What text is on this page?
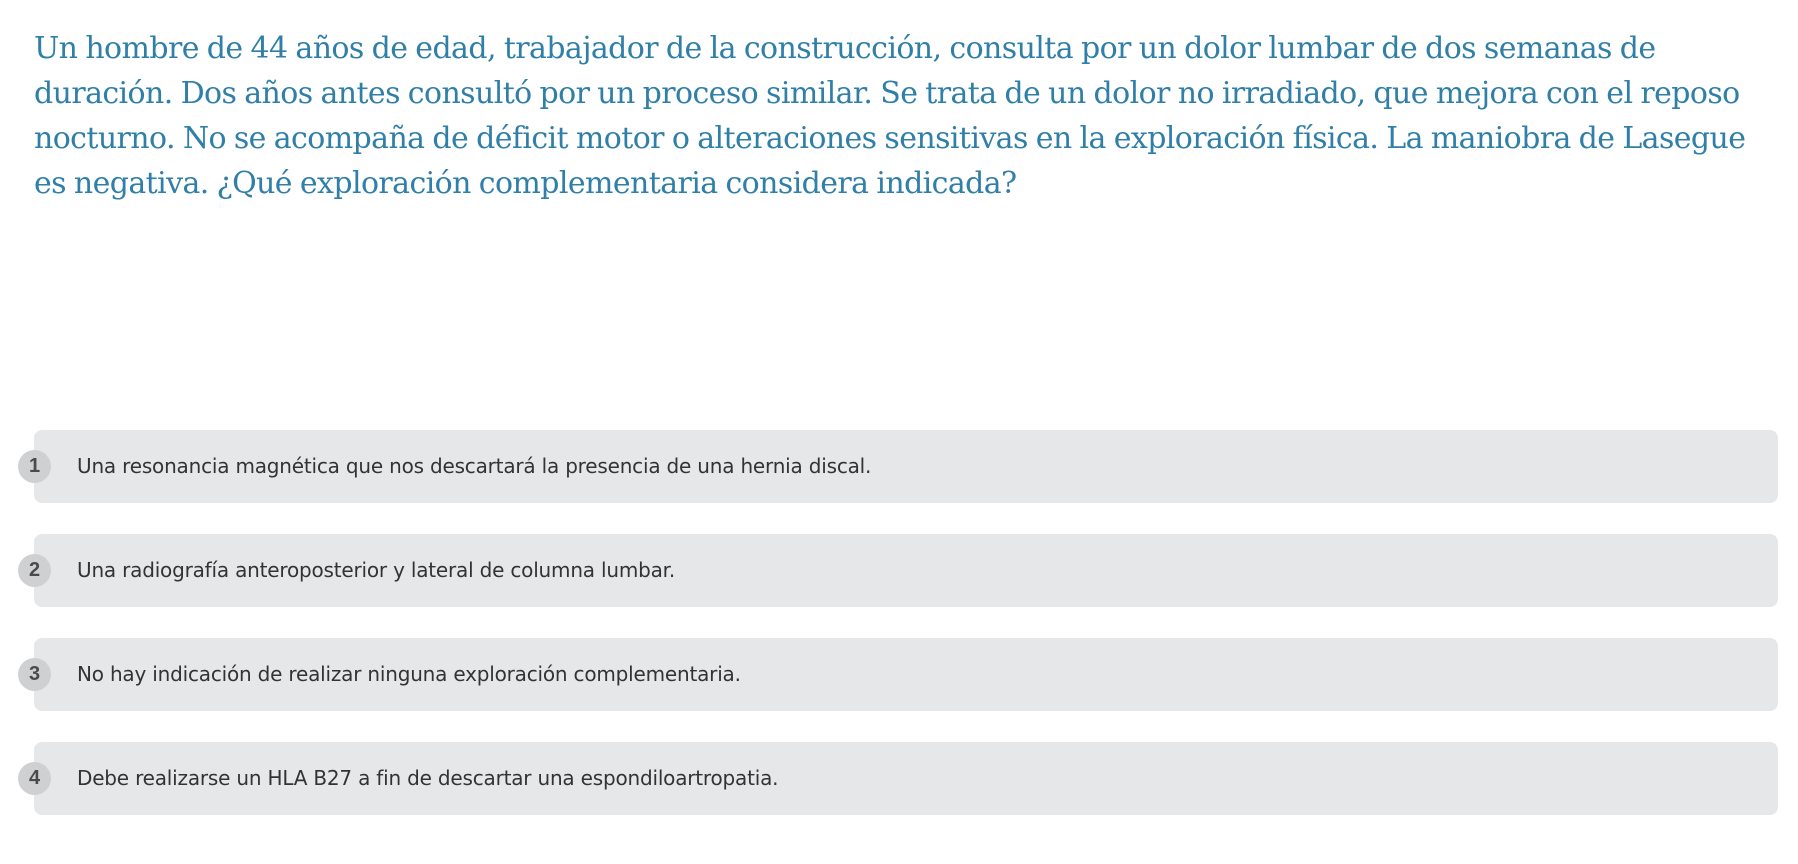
Un hombre de 44 años de edad, trabajador de la construcción, consulta por un dolor lumbar de dos semanas de duración. Dos años antes consultó por un proceso similar. Se trata de un dolor no irradiado, que mejora con el reposo nocturno. No se acompaña de déficit motor o alteraciones sensitivas en la exploración física. La maniobra de Lasegue es negativa. ¿Qué exploración complementaria considera indicada?

1	Una resonancia magnética que nos descartará la presencia de una hernia discal.
2	Una radiografía anteroposterior y lateral de columna lumbar.
3	No hay indicación de realizar ninguna exploración complementaria.
4	Debe realizarse un HLA B27 a fin de descartar una espondiloartropatia.
